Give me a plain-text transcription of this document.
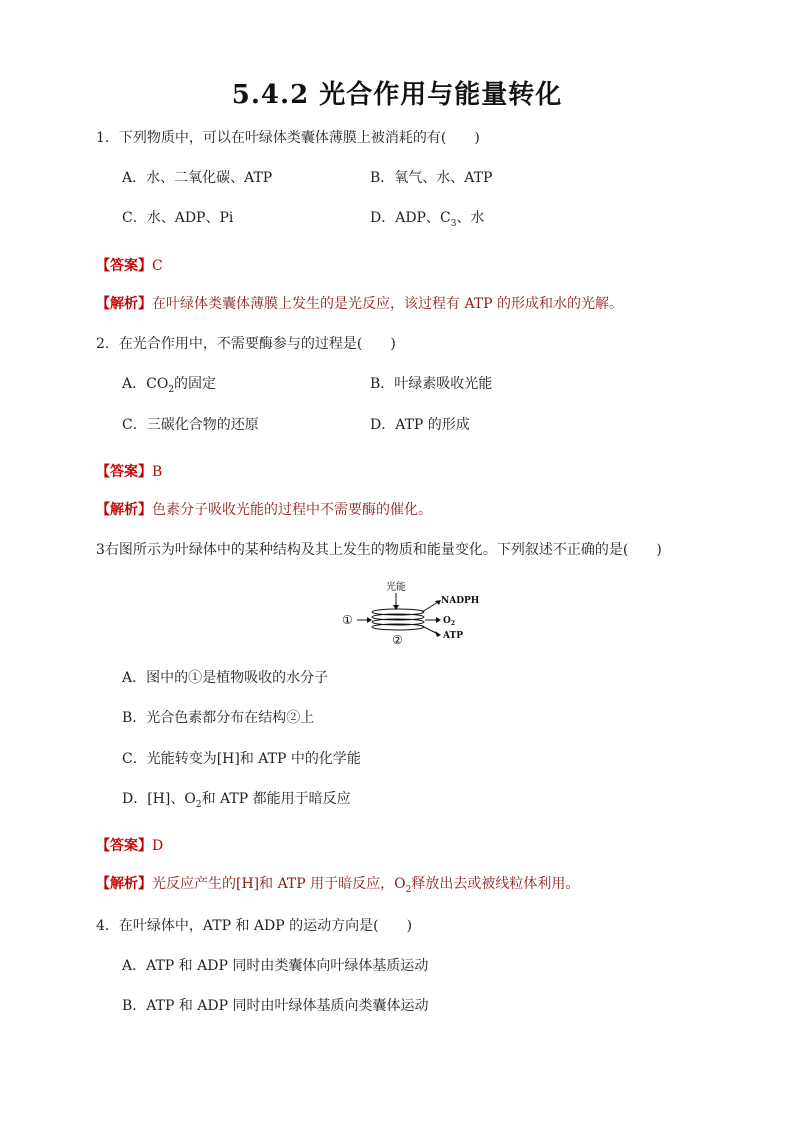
5.4.2 光合作用与能量转化
1．下列物质中，可以在叶绿体类囊体薄膜上被消耗的有(　　)
A．水、二氧化碳、ATP	B．氧气、水、ATP
C．水、ADP、Pi	D．ADP、$C_3$、水
【答案】C
【解析】在叶绿体类囊体薄膜上发生的是光反应，该过程有 ATP 的形成和水的光解。
2．在光合作用中，不需要酶参与的过程是(　　)
A．$CO_2$的固定	B．叶绿素吸收光能
C．三碳化合物的还原	D．ATP 的形成
【答案】B
【解析】色素分子吸收光能的过程中不需要酶的催化。
3右图所示为叶绿体中的某种结构及其上发生的物质和能量变化。下列叙述不正确的是(　　)
光能
①
②
NADPH
$O_2$
ATP
A．图中的①是植物吸收的水分子
B．光合色素都分布在结构②上
C．光能转变为[H]和 ATP 中的化学能
D．[H]、$O_2$和 ATP 都能用于暗反应
【答案】D
【解析】光反应产生的[H]和 ATP 用于暗反应，$O_2$释放出去或被线粒体利用。
4．在叶绿体中，ATP 和 ADP 的运动方向是(　　)
A．ATP 和 ADP 同时由类囊体向叶绿体基质运动
B．ATP 和 ADP 同时由叶绿体基质向类囊体运动
